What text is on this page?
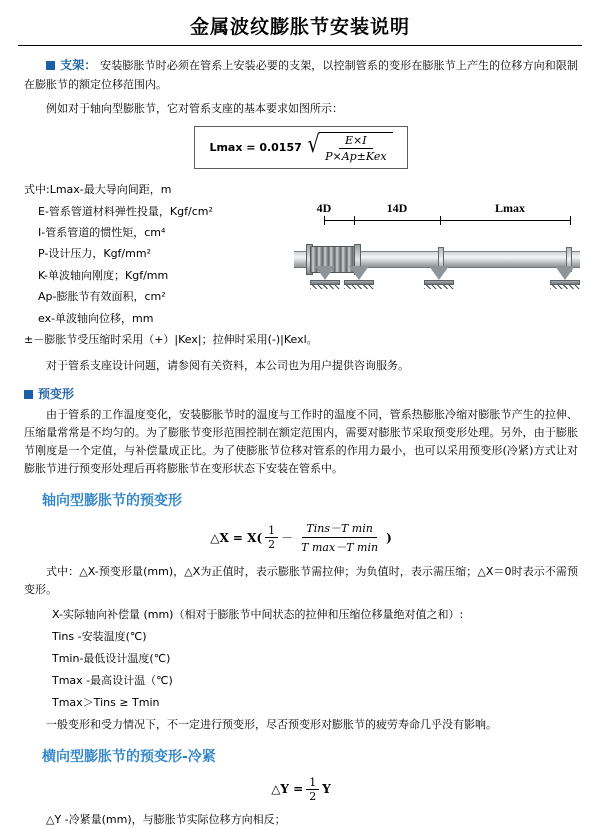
金属波纹膨胀节安装说明

支架： 安装膨胀节时必须在管系上安装必要的支架，以控制管系的变形在膨胀节上产生的位移方向和限制在膨胀节的额定位移范围内。

例如对于轴向型膨胀节，它对管系支座的基本要求如图所示：

Lmax = 0.0157 √ $\frac{E\times I}{\text{P×Ap±Kex}}$
式中:Lmax-最大导向间距，m
E-管系管道材料弹性投量，Kgf/cm²
I-管系管道的惯性矩，cm⁴
P-设计压力，Kgf/mm²
K-单波轴向刚度；Kgf/mm
Ap-膨胀节有效面积，cm²
ex-单波轴向位移，mm
±－膨胀节受压缩时采用（+）|Kex|；拉伸时采用(-)|Kexl。

对于管系支座设计问题，请参阅有关资料，本公司也为用户提供咨询服务。

预变形

由于管系的工作温度变化，安装膨胀节时的温度与工作时的温度不同，管系热膨胀冷缩对膨胀节产生的拉伸、压缩量常常是不均匀的。为了膨胀节变形范围控制在额定范围内，需要对膨胀节采取预变形处理。另外，由于膨胀节刚度是一个定值，与补偿量成正比。为了使膨胀节位移对管系的作用力最小，也可以采用预变形(冷紧)方式让对膨胀节进行预变形处理后再将膨胀节在变形状态下安装在管系中。

轴向型膨胀节的预变形
△X = $X( \frac{1}{2}$ －
Tins－T min
T max－T min
)

式中：△X-预变形量(mm)，△X为正值时，表示膨胀节需拉伸；为负值时，表示需压缩；△X＝0时表示不需预变形。

X-实际轴向补偿量 (mm)（相对于膨胀节中间状态的拉伸和压缩位移量绝对值之和）:
Tins -安装温度(℃)
Tmin-最低设计温度(℃)
Tmax -最高设计温（℃)
Tmax＞Tins ≥ Tmin

一般变形和受力情况下，不一定进行预变形，尽否预变形对膨胀节的疲劳寿命几乎没有影响。

横向型膨胀节的预变形-冷紧
△Y = $\frac{1}{2}$ Y

△Y -冷紧量(mm)，与膨胀节实际位移方向相反；

4D	14D	Lmax
